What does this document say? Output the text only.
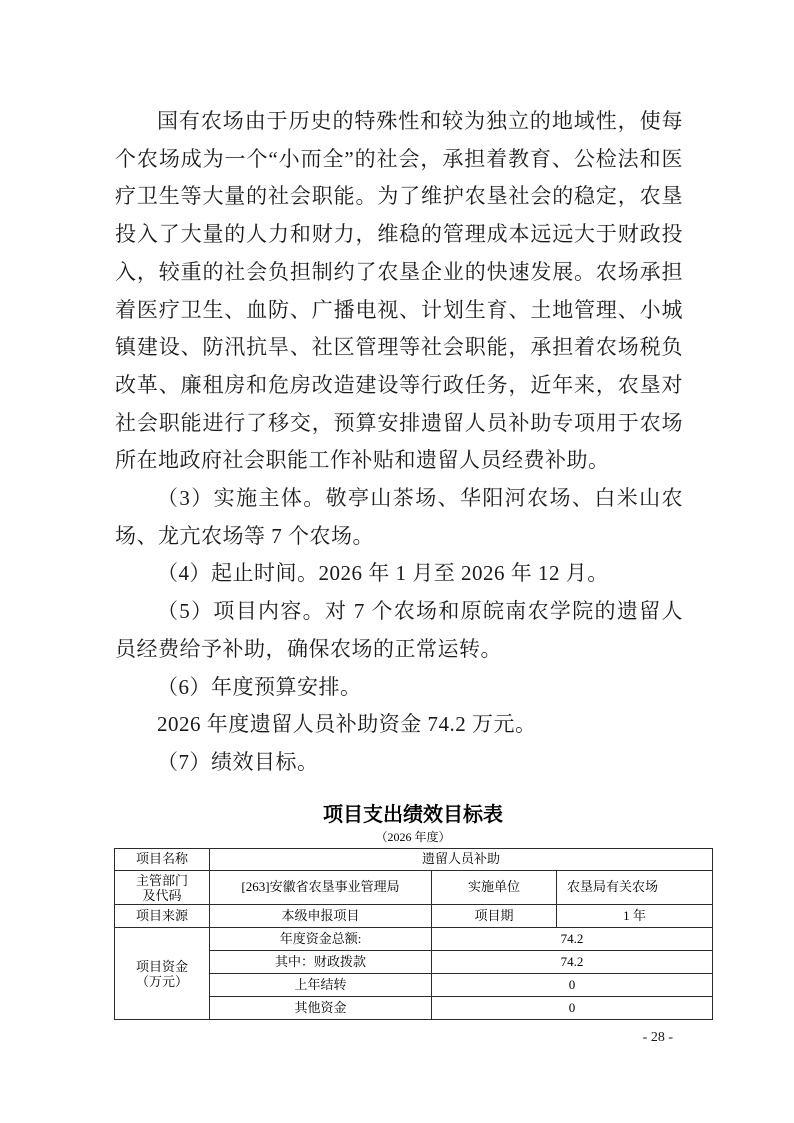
国有农场由于历史的特殊性和较为独立的地域性，使每个农场成为一个“小而全”的社会，承担着教育、公检法和医疗卫生等大量的社会职能。为了维护农垦社会的稳定，农垦投入了大量的人力和财力，维稳的管理成本远远大于财政投入，较重的社会负担制约了农垦企业的快速发展。农场承担着医疗卫生、血防、广播电视、计划生育、土地管理、小城镇建设、防汛抗旱、社区管理等社会职能，承担着农场税负改革、廉租房和危房改造建设等行政任务，近年来，农垦对社会职能进行了移交，预算安排遗留人员补助专项用于农场所在地政府社会职能工作补贴和遗留人员经费补助。

（3）实施主体。敬亭山茶场、华阳河农场、白米山农场、龙亢农场等 7 个农场。

（4）起止时间。2026 年 1 月至 2026 年 12 月。

（5）项目内容。对 7 个农场和原皖南农学院的遗留人员经费给予补助，确保农场的正常运转。

（6）年度预算安排。

2026 年度遗留人员补助资金 74.2 万元。

（7）绩效目标。

项目支出绩效目标表
（2026 年度）
项目名称	遗留人员补助		

主管部门
及代码	[263]安徽省农垦事业管理局	实施单位	农垦局有关农场
项目来源	本级申报项目	项目期	1 年

项目资金
（万元）	年度资金总额:	74.2	
	其中：财政拨款	74.2	
	上年结转	0	
	其他资金	0	
- 28 -
